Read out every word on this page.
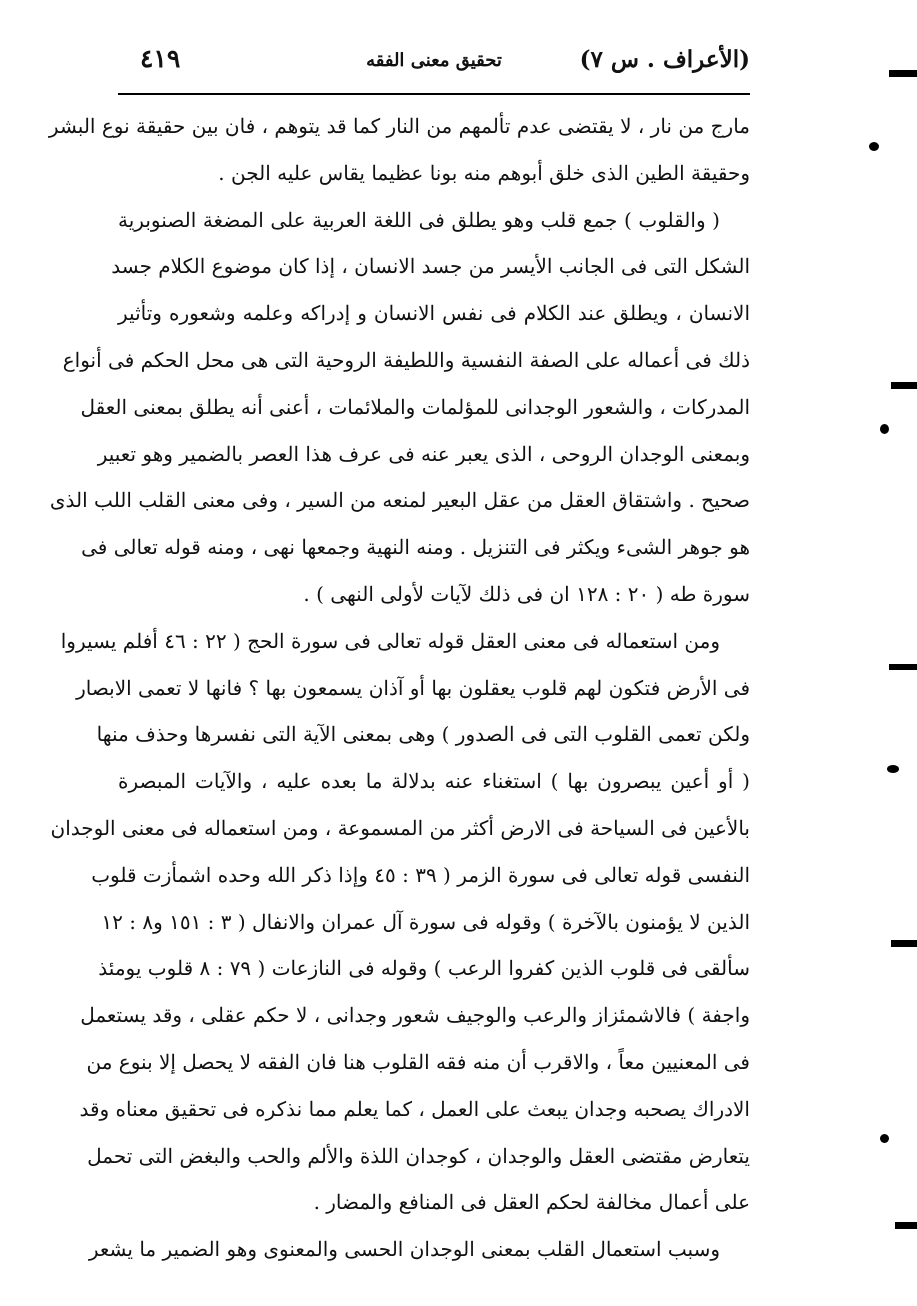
(الأعراف . س ٧)
تحقيق معنى الفقه
٤١٩
مارج من نار ، لا يقتضى عدم تألمهم من النار كما قد يتوهم ، فان بين حقيقة نوع البشر
وحقيقة الطين الذى خلق أبوهم منه بونا عظيما يقاس عليه الجن .
( والقلوب ) جمع قلب وهو يطلق فى اللغة العربية على المضغة الصنوبرية
الشكل التى فى الجانب الأيسر من جسد الانسان ، إذا كان موضوع الكلام جسد
الانسان ، ويطلق عند الكلام فى نفس الانسان و إدراكه وعلمه وشعوره وتأثير
ذلك فى أعماله على الصفة النفسية واللطيفة الروحية التى هى محل الحكم فى أنواع
المدركات ، والشعور الوجدانى للمؤلمات والملائمات ، أعنى أنه يطلق بمعنى العقل
وبمعنى الوجدان الروحى ، الذى يعبر عنه فى عرف هذا العصر بالضمير وهو تعبير
صحيح . واشتقاق العقل من عقل البعير لمنعه من السير ، وفى معنى القلب اللب الذى
هو جوهر الشىء ويكثر فى التنزيل . ومنه النهية وجمعها نهى ، ومنه قوله تعالى فى
سورة طه ( ٢٠ : ١٢٨ ان فى ذلك لآيات لأولى النهى ) .
ومن استعماله فى معنى العقل قوله تعالى فى سورة الحج ( ٢٢ : ٤٦ أفلم يسيروا
فى الأرض فتكون لهم قلوب يعقلون بها أو آذان يسمعون بها ؟ فانها لا تعمى الابصار
ولكن تعمى القلوب التى فى الصدور ) وهى بمعنى الآية التى نفسرها وحذف منها
( أو أعين يبصرون بها ) استغناء عنه بدلالة ما بعده عليه ، والآيات المبصرة
بالأعين فى السياحة فى الارض أكثر من المسموعة ، ومن استعماله فى معنى الوجدان
النفسى قوله تعالى فى سورة الزمر ( ٣٩ : ٤٥ وإذا ذكر الله وحده اشمأزت قلوب
الذين لا يؤمنون بالآخرة ) وقوله فى سورة آل عمران والانفال ( ٣ : ١٥١ و٨ : ١٢
سألقى فى قلوب الذين كفروا الرعب ) وقوله فى النازعات ( ٧٩ : ٨ قلوب يومئذ
واجفة ) فالاشمئزاز والرعب والوجيف شعور وجدانى ، لا حكم عقلى ، وقد يستعمل
فى المعنيين معاً ، والاقرب أن منه فقه القلوب هنا فان الفقه لا يحصل إلا بنوع من
الادراك يصحبه وجدان يبعث على العمل ، كما يعلم مما نذكره فى تحقيق معناه وقد
يتعارض مقتضى العقل والوجدان ، كوجدان اللذة والألم والحب والبغض التى تحمل
على أعمال مخالفة لحكم العقل فى المنافع والمضار .
وسبب استعمال القلب بمعنى الوجدان الحسى والمعنوى وهو الضمير ما يشعر
